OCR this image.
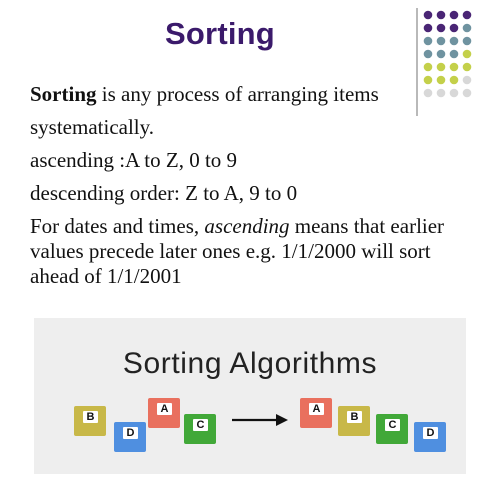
Sorting

Sorting is any process of arranging items

systematically.

ascending :A to Z, 0 to 9

descending order: Z to A, 9 to 0

For dates and times, ascending means that earlier values precede later ones e.g. 1/1/2000 will sort ahead of 1/1/2001

Sorting Algorithms
B
D
A
C
A
B
C
D
